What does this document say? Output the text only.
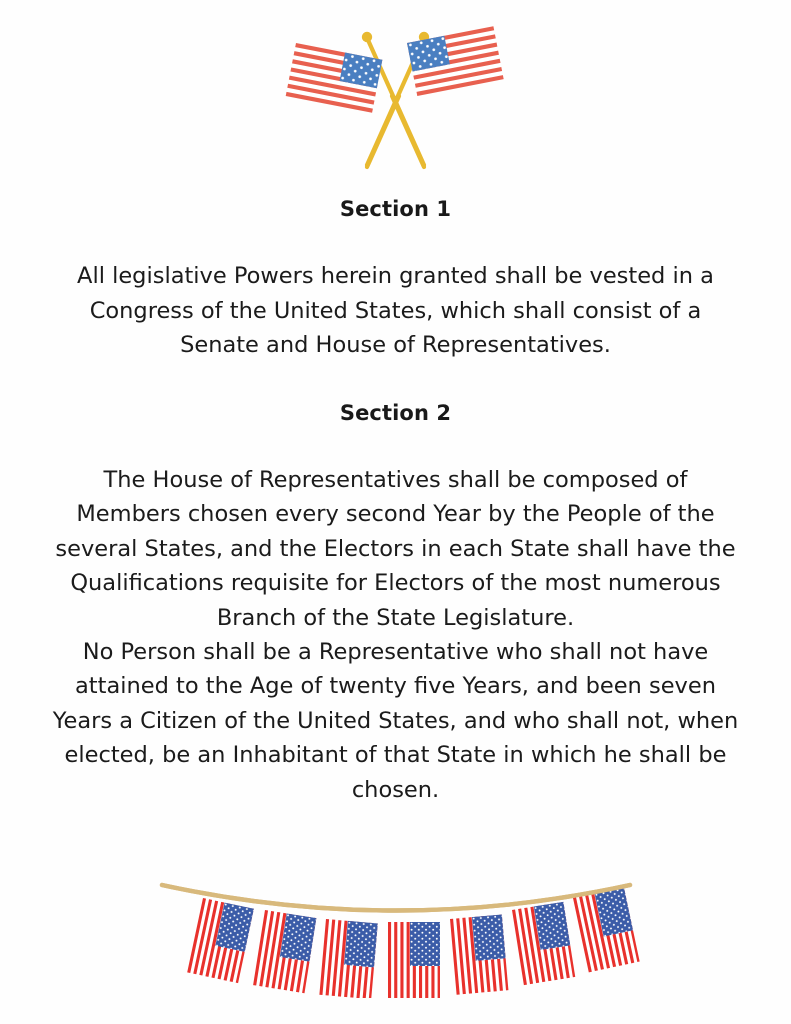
Section 1

All legislative Powers herein granted shall be vested in a Congress of the United States, which shall consist of a Senate and House of Representatives.

Section 2

The House of Representatives shall be composed of Members chosen every second Year by the People of the several States, and the Electors in each State shall have the Qualifications requisite for Electors of the most numerous Branch of the State Legislature.

No Person shall be a Representative who shall not have attained to the Age of twenty five Years, and been seven Years a Citizen of the United States, and who shall not, when elected, be an Inhabitant of that State in which he shall be chosen.
